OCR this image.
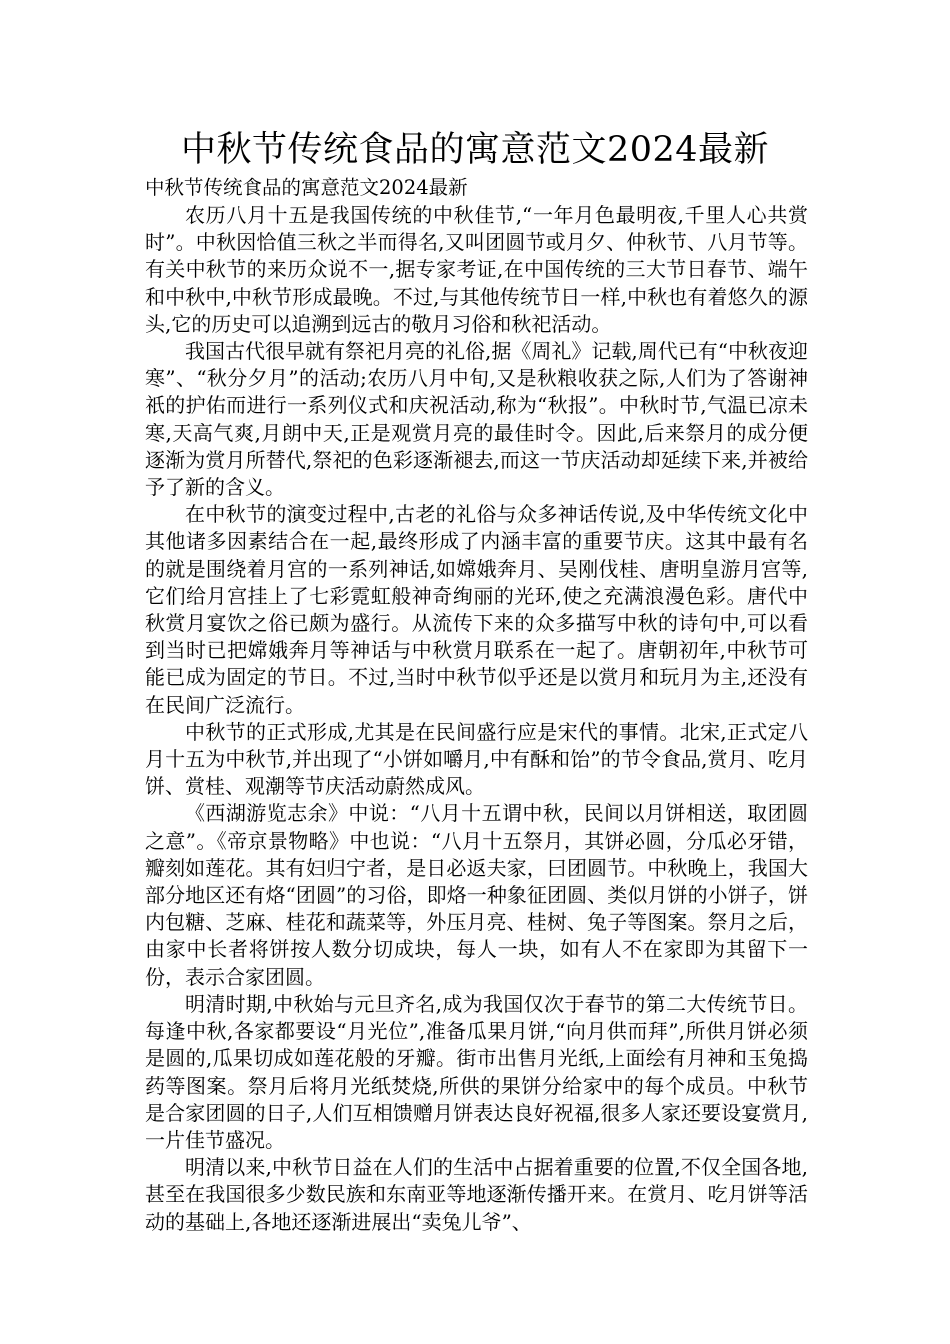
中秋节传统食品的寓意范文2024最新

中秋节传统食品的寓意范文2024最新

农历八月十五是我国传统的中秋佳节,“一年月色最明夜,千里人心共赏时”。中秋因恰值三秋之半而得名,又叫团圆节或月夕、仲秋节、八月节等。有关中秋节的来历众说不一,据专家考证,在中国传统的三大节日春节、端午和中秋中,中秋节形成最晚。不过,与其他传统节日一样,中秋也有着悠久的源头,它的历史可以追溯到远古的敬月习俗和秋祀活动。

我国古代很早就有祭祀月亮的礼俗,据《周礼》记载,周代已有“中秋夜迎寒”、“秋分夕月”的活动;农历八月中旬,又是秋粮收获之际,人们为了答谢神祇的护佑而进行一系列仪式和庆祝活动,称为“秋报”。中秋时节,气温已凉未寒,天高气爽,月朗中天,正是观赏月亮的最佳时令。因此,后来祭月的成分便逐渐为赏月所替代,祭祀的色彩逐渐褪去,而这一节庆活动却延续下来,并被给予了新的含义。

在中秋节的演变过程中,古老的礼俗与众多神话传说,及中华传统文化中其他诸多因素结合在一起,最终形成了内涵丰富的重要节庆。这其中最有名的就是围绕着月宫的一系列神话,如嫦娥奔月、吴刚伐桂、唐明皇游月宫等,它们给月宫挂上了七彩霓虹般神奇绚丽的光环,使之充满浪漫色彩。唐代中秋赏月宴饮之俗已颇为盛行。从流传下来的众多描写中秋的诗句中,可以看到当时已把嫦娥奔月等神话与中秋赏月联系在一起了。唐朝初年,中秋节可能已成为固定的节日。不过,当时中秋节似乎还是以赏月和玩月为主,还没有在民间广泛流行。

中秋节的正式形成,尤其是在民间盛行应是宋代的事情。北宋,正式定八月十五为中秋节,并出现了“小饼如嚼月,中有酥和饴”的节令食品,赏月、吃月饼、赏桂、观潮等节庆活动蔚然成风。

《西湖游览志余》中说：“八月十五谓中秋，民间以月饼相送，取团圆之意”。《帝京景物略》中也说：“八月十五祭月，其饼必圆，分瓜必牙错，瓣刻如莲花。其有妇归宁者，是日必返夫家，曰团圆节。中秋晚上，我国大部分地区还有烙“团圆”的习俗，即烙一种象征团圆、类似月饼的小饼子，饼内包糖、芝麻、桂花和蔬菜等，外压月亮、桂树、兔子等图案。祭月之后，由家中长者将饼按人数分切成块，每人一块，如有人不在家即为其留下一份，表示合家团圆。

明清时期,中秋始与元旦齐名,成为我国仅次于春节的第二大传统节日。每逢中秋,各家都要设“月光位”,准备瓜果月饼,“向月供而拜”,所供月饼必须是圆的,瓜果切成如莲花般的牙瓣。街市出售月光纸,上面绘有月神和玉兔捣药等图案。祭月后将月光纸焚烧,所供的果饼分给家中的每个成员。中秋节是合家团圆的日子,人们互相馈赠月饼表达良好祝福,很多人家还要设宴赏月,一片佳节盛况。

明清以来,中秋节日益在人们的生活中占据着重要的位置,不仅全国各地,甚至在我国很多少数民族和东南亚等地逐渐传播开来。在赏月、吃月饼等活动的基础上,各地还逐渐进展出“卖兔儿爷”、
